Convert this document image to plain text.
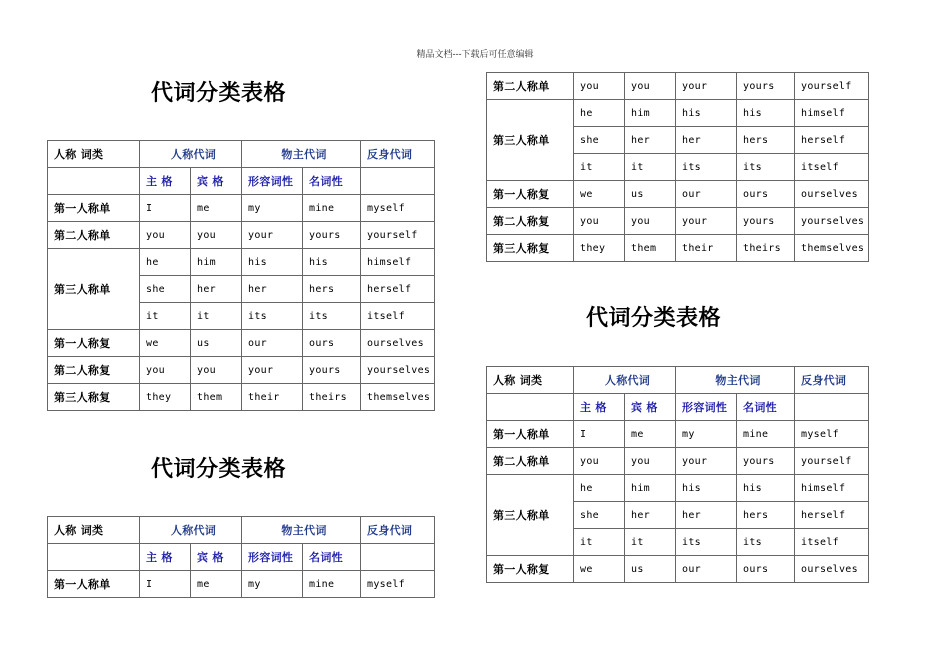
精品文档---下载后可任意编辑
代词分类表格
人称 词类	人称代词		物主代词		反身代词
	主 格	宾 格	形容词性	名词性	
第一人称单	I	me	my	mine	myself
第二人称单	you	you	your	yours	yourself
第三人称单	he	him	his	his	himself
	she	her	her	hers	herself
	it	it	its	its	itself
第一人称复	we	us	our	ours	ourselves
第二人称复	you	you	your	yours	yourselves
第三人称复	they	them	their	theirs	themselves
代词分类表格
人称 词类	人称代词		物主代词		反身代词
	主 格	宾 格	形容词性	名词性	
第一人称单	I	me	my	mine	myself
第二人称单	you	you	your	yours	yourself
第三人称单	he	him	his	his	himself
	she	her	her	hers	herself
	it	it	its	its	itself
第一人称复	we	us	our	ours	ourselves
第二人称复	you	you	your	yours	yourselves
第三人称复	they	them	their	theirs	themselves
代词分类表格
人称 词类	人称代词		物主代词		反身代词
	主 格	宾 格	形容词性	名词性	
第一人称单	I	me	my	mine	myself
第二人称单	you	you	your	yours	yourself
第三人称单	he	him	his	his	himself
	she	her	her	hers	herself
	it	it	its	its	itself
第一人称复	we	us	our	ours	ourselves
